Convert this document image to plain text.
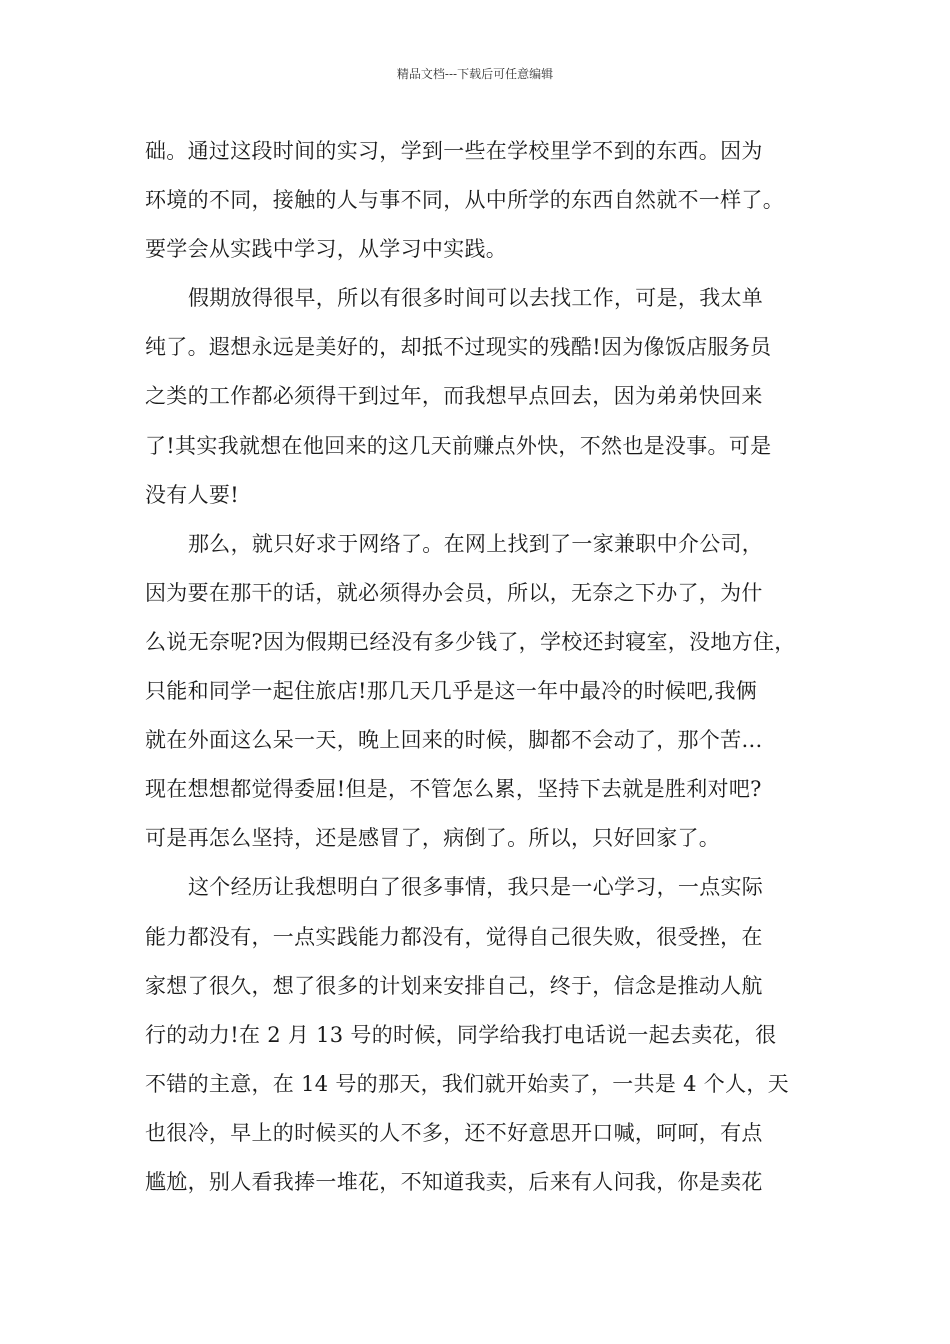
精品文档---下载后可任意编辑
础。通过这段时间的实习，学到一些在学校里学不到的东西。因为
环境的不同，接触的人与事不同，从中所学的东西自然就不一样了。
要学会从实践中学习，从学习中实践。
假期放得很早，所以有很多时间可以去找工作，可是，我太单
纯了。遐想永远是美好的，却抵不过现实的残酷!因为像饭店服务员
之类的工作都必须得干到过年，而我想早点回去，因为弟弟快回来
了!其实我就想在他回来的这几天前赚点外快，不然也是没事。可是
没有人要!
那么，就只好求于网络了。在网上找到了一家兼职中介公司，
因为要在那干的话，就必须得办会员，所以，无奈之下办了，为什
么说无奈呢?因为假期已经没有多少钱了，学校还封寝室，没地方住，
只能和同学一起住旅店!那几天几乎是这一年中最冷的时候吧,我俩
就在外面这么呆一天，晚上回来的时候，脚都不会动了，那个苦…
现在想想都觉得委屈!但是，不管怎么累，坚持下去就是胜利对吧?
可是再怎么坚持，还是感冒了，病倒了。所以，只好回家了。
这个经历让我想明白了很多事情，我只是一心学习，一点实际
能力都没有，一点实践能力都没有，觉得自己很失败，很受挫，在
家想了很久，想了很多的计划来安排自己，终于，信念是推动人航
行的动力!在 2 月 13 号的时候，同学给我打电话说一起去卖花，很
不错的主意，在 14 号的那天，我们就开始卖了，一共是 4 个人，天
也很冷，早上的时候买的人不多，还不好意思开口喊，呵呵，有点
尴尬，别人看我捧一堆花，不知道我卖，后来有人问我，你是卖花
